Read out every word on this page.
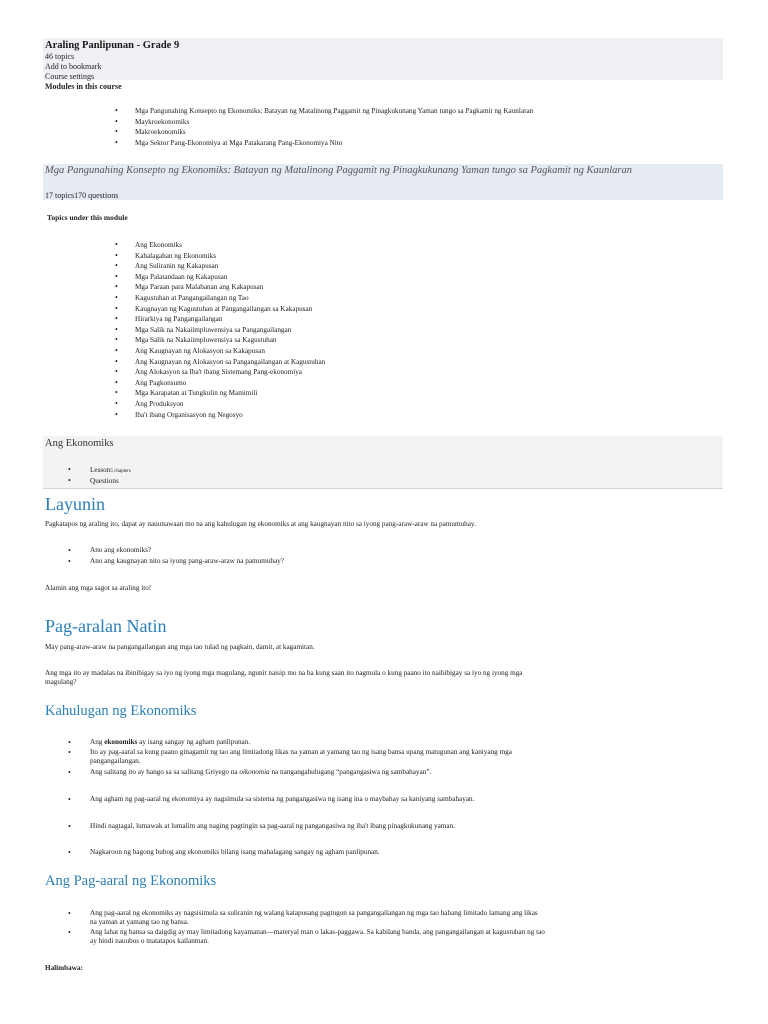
Araling Panlipunan - Grade 9
46 topics
Add to bookmark
Course settings
Modules in this course
• Mga Pangunahing Konsepto ng Ekonomiks: Batayan ng Matalinong Paggamit ng Pinagkukunang Yaman tungo sa Pagkamit ng Kaunlaran
• Maykroekonomiks
• Makroekonomiks
• Mga Sektor Pang-Ekonomiya at Mga Patakarang Pang-Ekonomiya Nito
Mga Pangunahing Konsepto ng Ekonomiks: Batayan ng Matalinong Paggamit ng Pinagkukunang Yaman tungo sa Pagkamit ng Kaunlaran
17 topics170 questions
Topics under this module
• Ang Ekonomiks
• Kahalagahan ng Ekonomiks
• Ang Suliranin ng Kakapusan
• Mga Palatandaan ng Kakapusan
• Mga Paraan para Malabanan ang Kakapusan
• Kagustuhan at Pangangailangan ng Tao
• Kaugnayan ng Kagustuhan at Pangangailangan sa Kakapusan
• Hirarkiya ng Pangangailangan
• Mga Salik na Nakaiimpluwensiya sa Pangangailangan
• Mga Salik na Nakaiimpluwensiya sa Kagustuhan
• Ang Kaugnayan ng Alokasyon sa Kakapusan
• Ang Kaugnayan ng Alokasyon sa Pangangailangan at Kagustuhan
• Ang Alokasyon sa Iba't ibang Sistemang Pang-ekonomiya
• Ang Pagkonsumo
• Mga Karapatan at Tungkulin ng Mamimili
• Ang Produksyon
• Iba't ibang Organisasyon ng Negosyo
Ang Ekonomiks
•	Lesson5 chapters
•	Questions
Layunin
Pagkatapos ng araling ito, dapat ay nauunawaan mo na ang kahulugan ng ekonomiks at ang kaugnayan nito sa iyong pang-araw-araw na pamumuhay.
•	Ano ang ekonomiks?
•	Ano ang kaugnayan nito sa iyong pang-araw-araw na pamumuhay?
Alamin ang mga sagot sa araling ito!
Pag-aralan Natin
May pang-araw-araw na pangangailangan ang mga tao tulad ng pagkain, damit, at kagamitan.
Ang mga ito ay madalas na ibinibigay sa iyo ng iyong mga magulang, ngunit naisip mo na ba kung saan ito nagmula o kung paano ito naibibigay sa iyo ng iyong mga
magulang?
Kahulugan ng Ekonomiks
•	Ang ekonomiks ay isang sangay ng agham panlipunan.
•	Ito ay pag-aaral sa kung paano ginagamit ng tao ang limitadong likas na yaman at yamang tao ng isang bansa upang matugunan ang kaniyang mga
pangangailangan.
•	Ang salitang ito ay hango sa sa salitang Griyego na oikonomia na nangangahulugang “pangangasiwa ng sambahayan”.
•	Ang agham ng pag-aaral ng ekonomiya ay nagsimula sa sistema ng pangangasiwa ng isang ina o maybahay sa kaniyang sambahayan.
•	Hindi nagtagal, lumawak at lumalim ang naging pagtingin sa pag-aaral ng pangangasiwa ng iba't ibang pinagkukunang yaman.
•	Nagkaroon ng bagong hubog ang ekonomiks bilang isang mahalagang sangay ng agham panlipunan.
Ang Pag-aaral ng Ekonomiks
•	Ang pag-aaral ng ekonomiks ay nagsisimula sa suliranin ng walang katapusang pagtugon sa pangangailangan ng mga tao habang limitado lamang ang likas
na yaman at yamang tao ng bansa.
•	Ang lahat ng bansa sa daigdig ay may limitadong kayamanan—materyal man o lakas-paggawa. Sa kabilang banda, ang pangangailangan at kagustuhan ng tao
ay hindi nauubos o matatapos kailanman.
Halimbawa:
